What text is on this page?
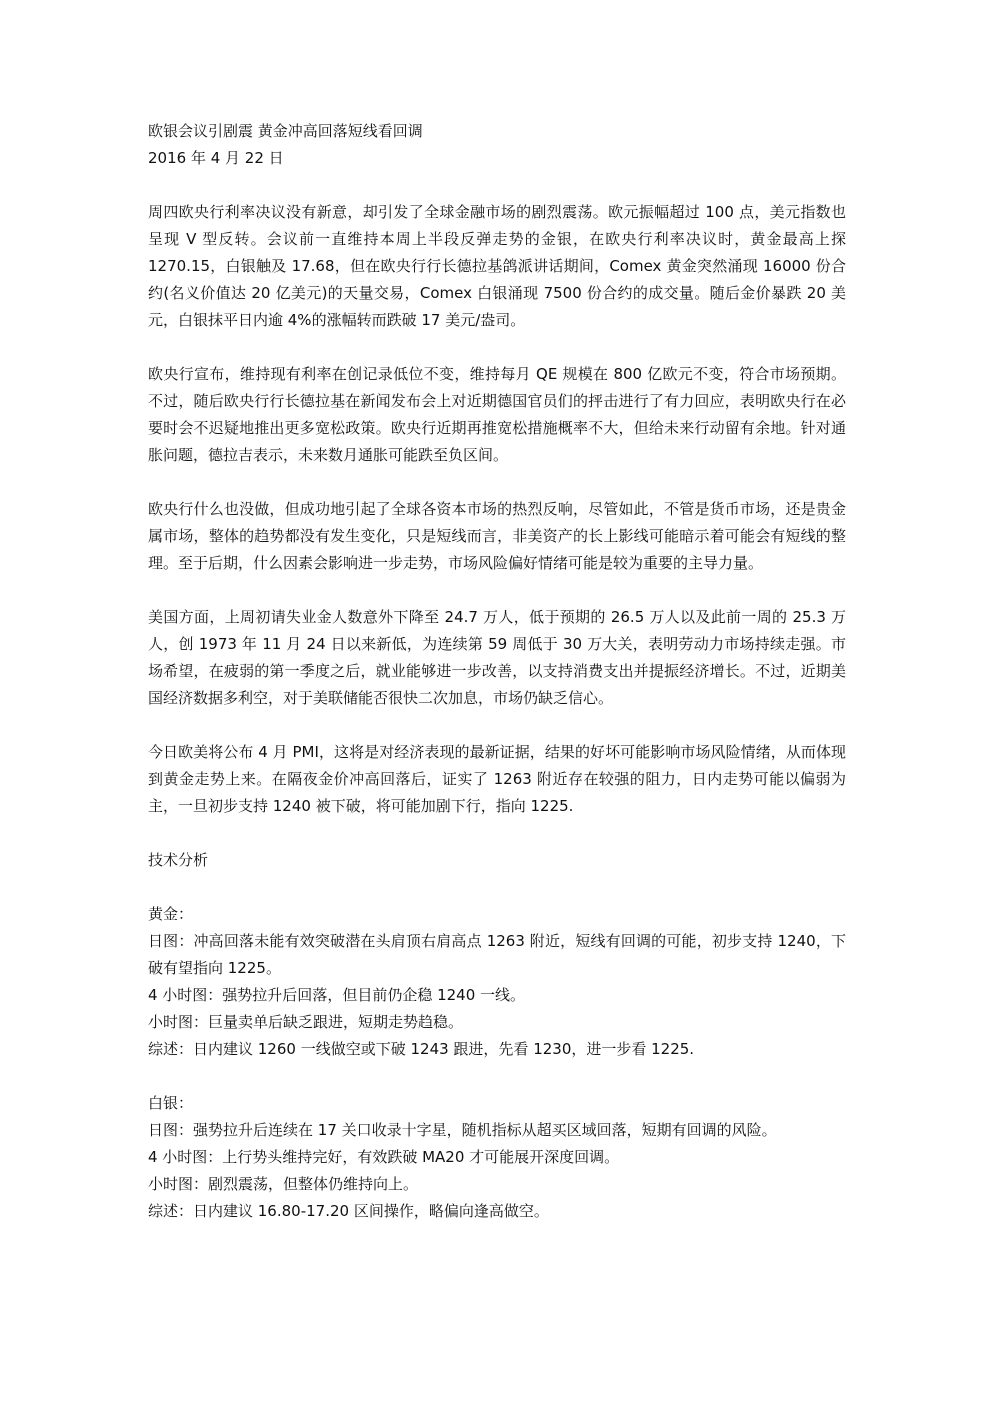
欧银会议引剧震 黄金冲高回落短线看回调
2016 年 4 月 22 日
周四欧央行利率决议没有新意，却引发了全球金融市场的剧烈震荡。欧元振幅超过 100 点，美元指数也呈现 V 型反转。会议前一直维持本周上半段反弹走势的金银，在欧央行利率决议时，黄金最高上探 1270.15，白银触及 17.68，但在欧央行行长德拉基鸽派讲话期间，Comex 黄金突然涌现 16000 份合约(名义价值达 20 亿美元)的天量交易，Comex 白银涌现 7500 份合约的成交量。随后金价暴跌 20 美元，白银抹平日内逾 4%的涨幅转而跌破 17 美元/盎司。
欧央行宣布，维持现有利率在创记录低位不变，维持每月 QE 规模在 800 亿欧元不变，符合市场预期。不过，随后欧央行行长德拉基在新闻发布会上对近期德国官员们的抨击进行了有力回应，表明欧央行在必要时会不迟疑地推出更多宽松政策。欧央行近期再推宽松措施概率不大，但给未来行动留有余地。针对通胀问题，德拉吉表示，未来数月通胀可能跌至负区间。
欧央行什么也没做，但成功地引起了全球各资本市场的热烈反响，尽管如此，不管是货币市场，还是贵金属市场，整体的趋势都没有发生变化，只是短线而言，非美资产的长上影线可能暗示着可能会有短线的整理。至于后期，什么因素会影响进一步走势，市场风险偏好情绪可能是较为重要的主导力量。
美国方面，上周初请失业金人数意外下降至 24.7 万人，低于预期的 26.5 万人以及此前一周的 25.3 万人，创 1973 年 11 月 24 日以来新低，为连续第 59 周低于 30 万大关，表明劳动力市场持续走强。市场希望，在疲弱的第一季度之后，就业能够进一步改善，以支持消费支出并提振经济增长。不过，近期美国经济数据多利空，对于美联储能否很快二次加息，市场仍缺乏信心。
今日欧美将公布 4 月 PMI，这将是对经济表现的最新证据，结果的好坏可能影响市场风险情绪，从而体现到黄金走势上来。在隔夜金价冲高回落后，证实了 1263 附近存在较强的阻力，日内走势可能以偏弱为主，一旦初步支持 1240 被下破，将可能加剧下行，指向 1225.
技术分析
黄金：
日图：冲高回落未能有效突破潜在头肩顶右肩高点 1263 附近，短线有回调的可能，初步支持 1240，下破有望指向 1225。
4 小时图：强势拉升后回落，但目前仍企稳 1240 一线。
小时图：巨量卖单后缺乏跟进，短期走势趋稳。
综述：日内建议 1260 一线做空或下破 1243 跟进，先看 1230，进一步看 1225.
白银：
日图：强势拉升后连续在 17 关口收录十字星，随机指标从超买区域回落，短期有回调的风险。
4 小时图：上行势头维持完好，有效跌破 MA20 才可能展开深度回调。
小时图：剧烈震荡，但整体仍维持向上。
综述：日内建议 16.80-17.20 区间操作，略偏向逢高做空。
